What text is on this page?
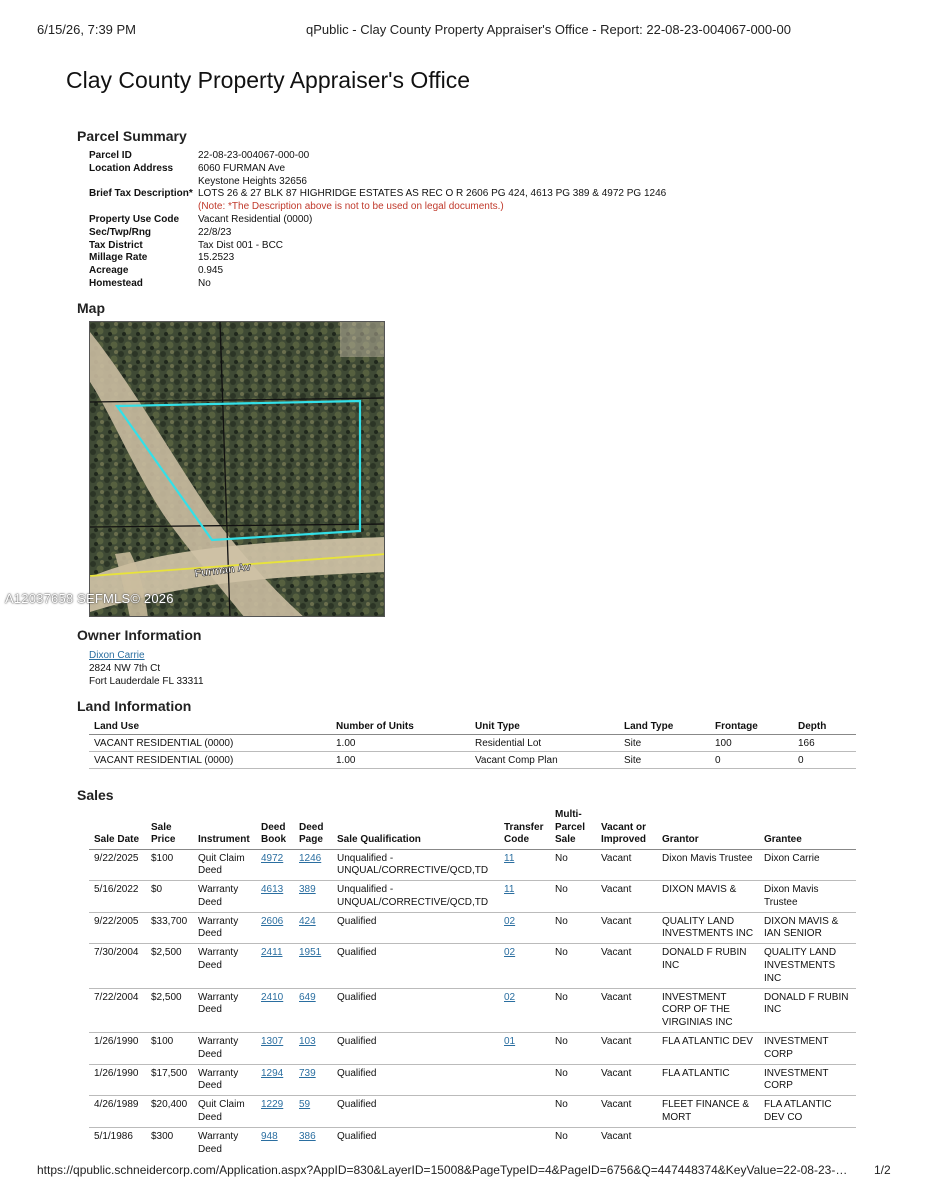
6/15/26, 7:39 PM	qPublic - Clay County Property Appraiser's Office - Report: 22-08-23-004067-000-00
Clay County Property Appraiser's Office
Parcel Summary
Parcel ID	22-08-23-004067-000-00
Location Address	6060 FURMAN Ave
Keystone Heights 32656
Brief Tax Description* LOTS 26 & 27 BLK 87 HIGHRIDGE ESTATES AS REC O R 2606 PG 424, 4613 PG 389 & 4972 PG 1246
(Note: *The Description above is not to be used on legal documents.)
Property Use Code	Vacant Residential (0000)
Sec/Twp/Rng	22/8/23
Tax District	Tax Dist 001 - BCC
Millage Rate	15.2523
Acreage	0.945
Homestead	No
Map
Furman Av
A12037658 SEFMLS© 2026
Owner Information
Dixon Carrie
2824 NW 7th Ct
Fort Lauderdale FL 33311
Land Information
Land Use	Number of Units	Unit Type	Land Type	Frontage	Depth
VACANT RESIDENTIAL (0000)	1.00	Residential Lot	Site	100	166
VACANT RESIDENTIAL (0000)	1.00	Vacant Comp Plan	Site	0	0
Sales
Sale Date	Sale Price	Instrument	Deed Book	Deed Page	Sale Qualification	Transfer Code	Multi-Parcel Sale	Vacant or Improved	Grantor	Grantee
9/22/2025	$100	Quit Claim Deed	4972	1246	Unqualified - UNQUAL/CORRECTIVE/QCD,TD	11	No	Vacant	Dixon Mavis Trustee	Dixon Carrie
5/16/2022	$0	Warranty Deed	4613	389	Unqualified - UNQUAL/CORRECTIVE/QCD,TD	11	No	Vacant	DIXON MAVIS &	Dixon Mavis Trustee
9/22/2005	$33,700	Warranty Deed	2606	424	Qualified	02	No	Vacant	QUALITY LAND INVESTMENTS INC	DIXON MAVIS & IAN SENIOR
7/30/2004	$2,500	Warranty Deed	2411	1951	Qualified	02	No	Vacant	DONALD F RUBIN INC	QUALITY LAND INVESTMENTS INC
7/22/2004	$2,500	Warranty Deed	2410	649	Qualified	02	No	Vacant	INVESTMENT CORP OF THE VIRGINIAS INC	DONALD F RUBIN INC
1/26/1990	$100	Warranty Deed	1307	103	Qualified	01	No	Vacant	FLA ATLANTIC DEV	INVESTMENT CORP
1/26/1990	$17,500	Warranty Deed	1294	739	Qualified		No	Vacant	FLA ATLANTIC	INVESTMENT CORP
4/26/1989	$20,400	Quit Claim Deed	1229	59	Qualified		No	Vacant	FLEET FINANCE & MORT	FLA ATLANTIC DEV CO
5/1/1986	$300	Warranty Deed	948	386	Qualified		No	Vacant		
https://qpublic.schneidercorp.com/Application.aspx?AppID=830&LayerID=15008&PageTypeID=4&PageID=6756&Q=447448374&KeyValue=22-08-23-…	1/2
